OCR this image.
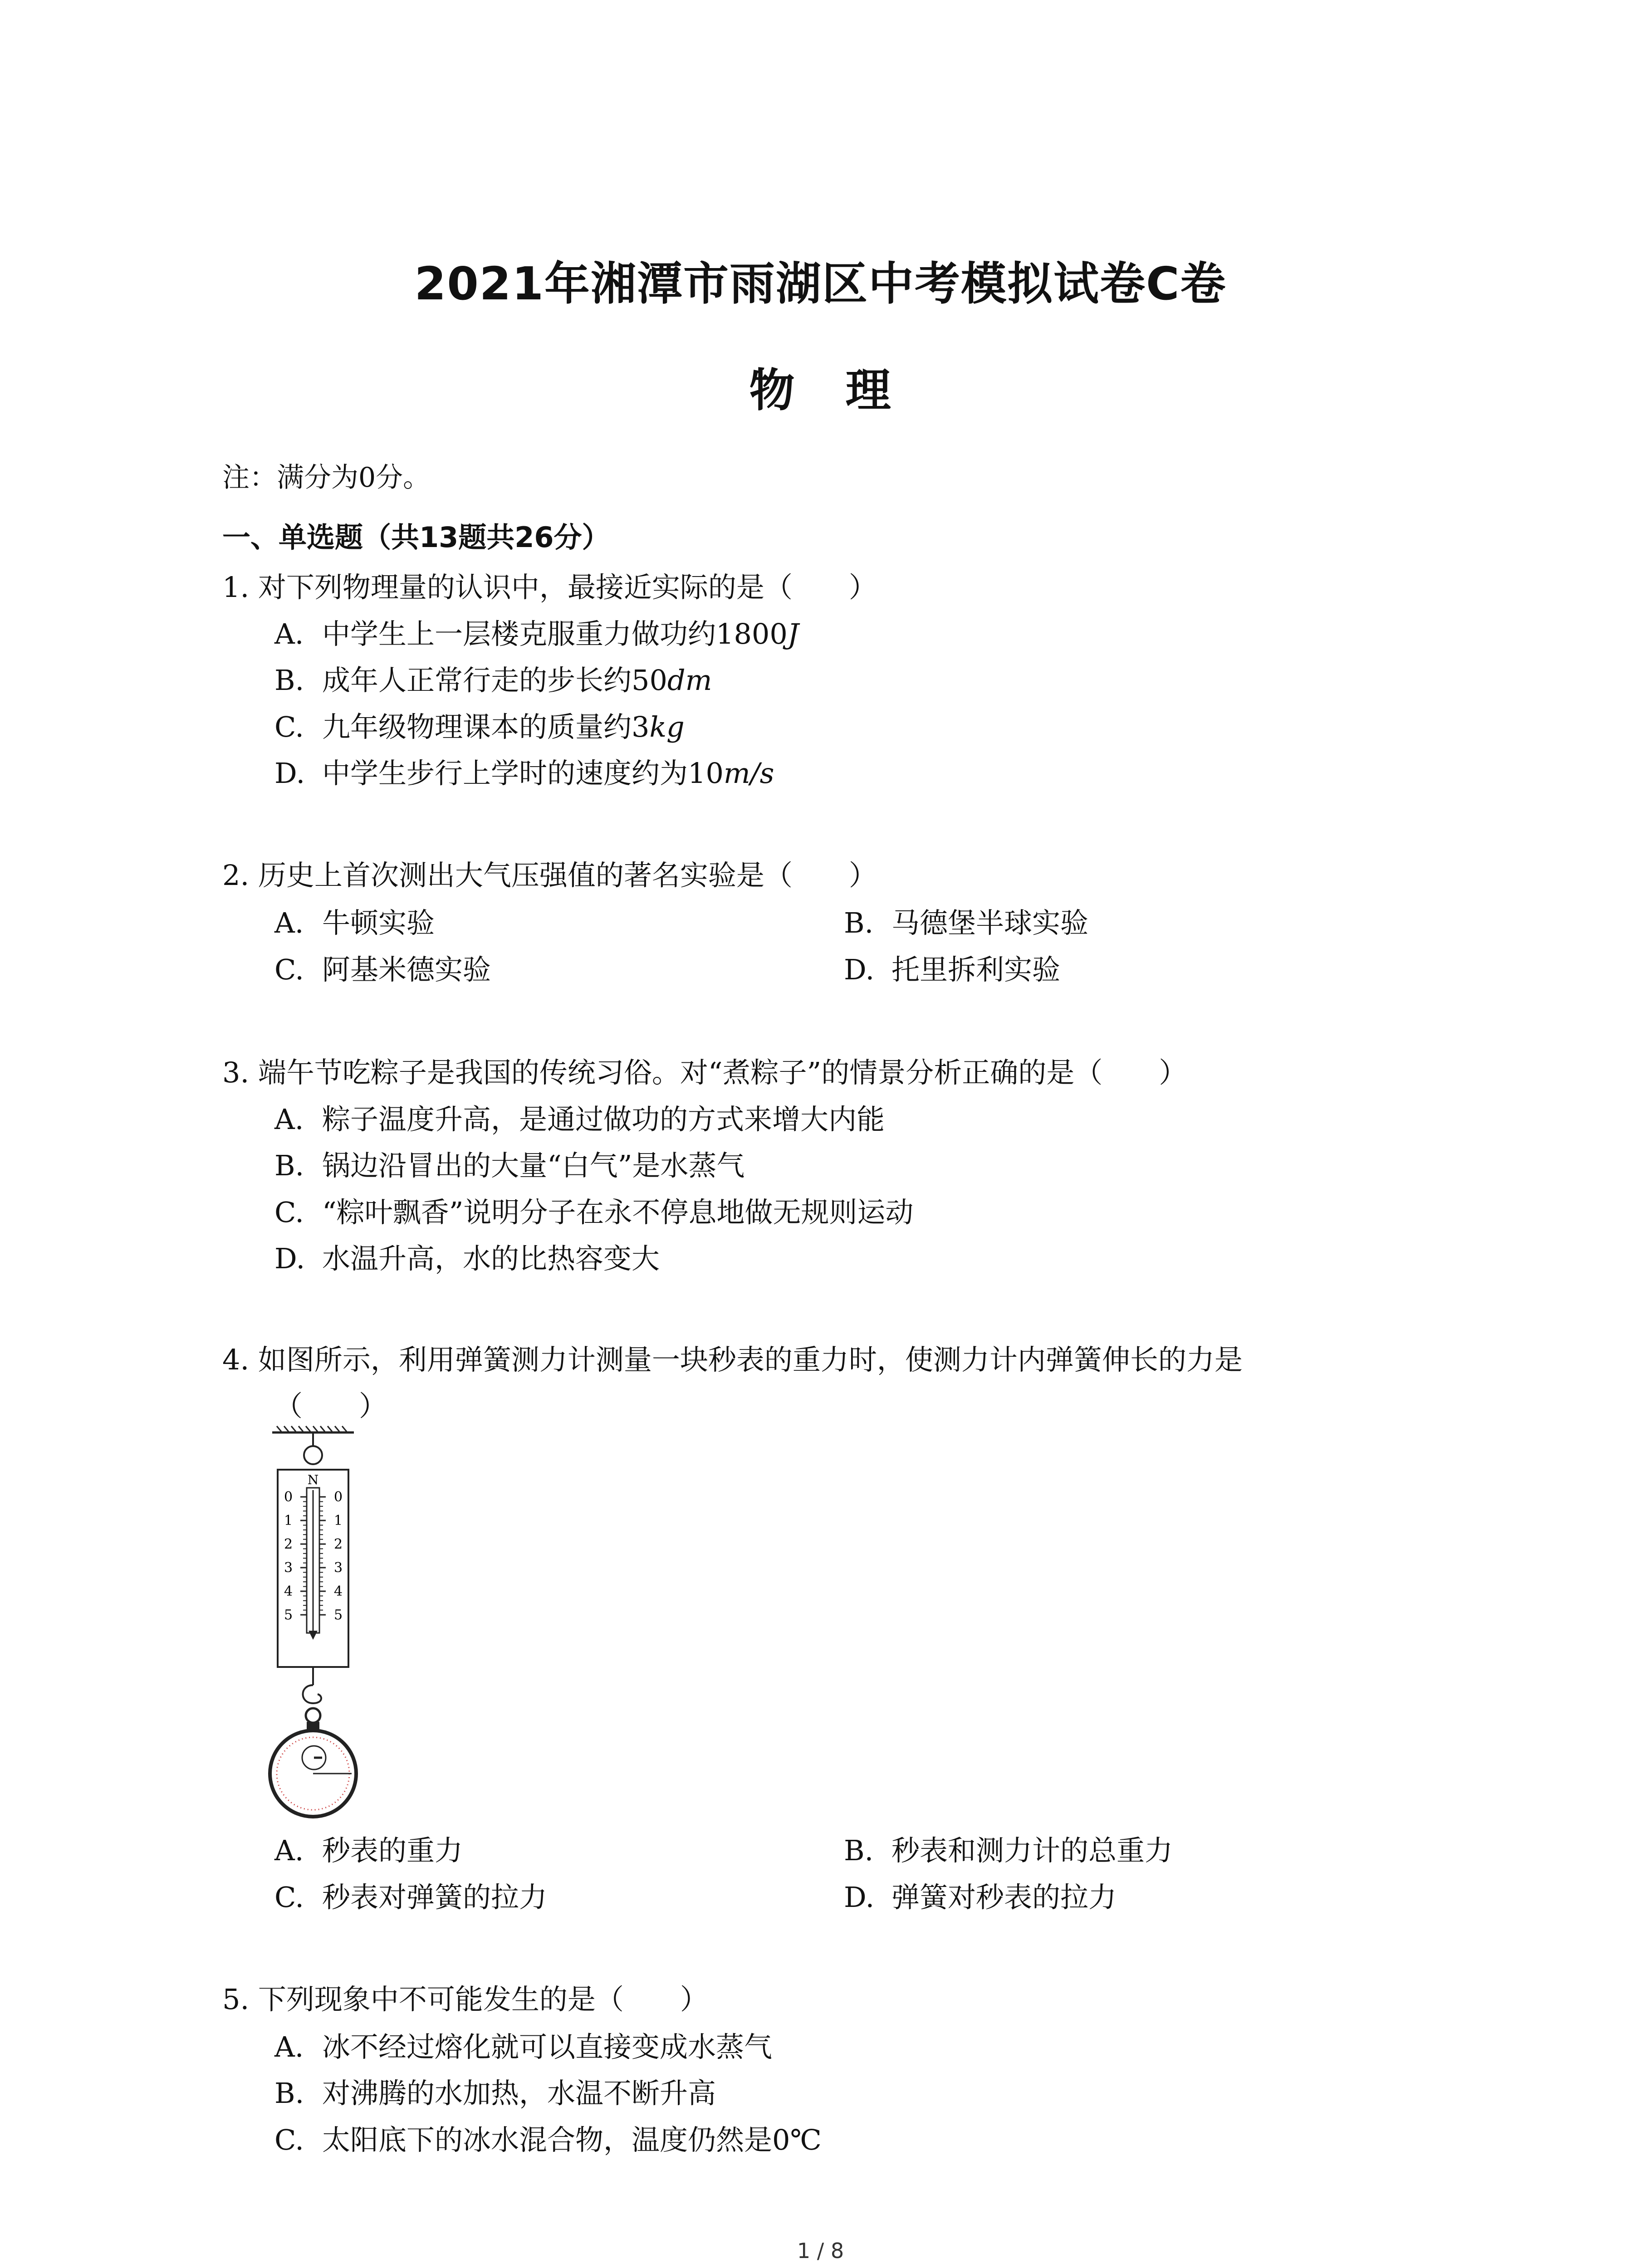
2021年湘潭市雨湖区中考模拟试卷C卷
物 理
注：满分为0分。
一、单选题（共13题共26分）
1. 对下列物理量的认识中，最接近实际的是（　　）
A. 中学生上一层楼克服重力做功约1800J
B. 成年人正常行走的步长约50dm
C. 九年级物理课本的质量约3kg
D. 中学生步行上学时的速度约为10m/s
2. 历史上首次测出大气压强值的著名实验是（　　）
A. 牛顿实验	B. 马德堡半球实验
C. 阿基米德实验	D. 托里拆利实验
3. 端午节吃粽子是我国的传统习俗。对“煮粽子”的情景分析正确的是（　　）
A. 粽子温度升高，是通过做功的方式来增大内能
B. 锅边沿冒出的大量“白气”是水蒸气
C. “粽叶飘香”说明分子在永不停息地做无规则运动
D. 水温升高，水的比热容变大
4. 如图所示，利用弹簧测力计测量一块秒表的重力时，使测力计内弹簧伸长的力是
（　　）
N
0
1
2
3
4
5
0
1
2
3
4
5
A. 秒表的重力	B. 秒表和测力计的总重力
C. 秒表对弹簧的拉力	D. 弹簧对秒表的拉力
5. 下列现象中不可能发生的是（　　）
A. 冰不经过熔化就可以直接变成水蒸气
B. 对沸腾的水加热，水温不断升高
C. 太阳底下的冰水混合物，温度仍然是0℃
1 / 8
